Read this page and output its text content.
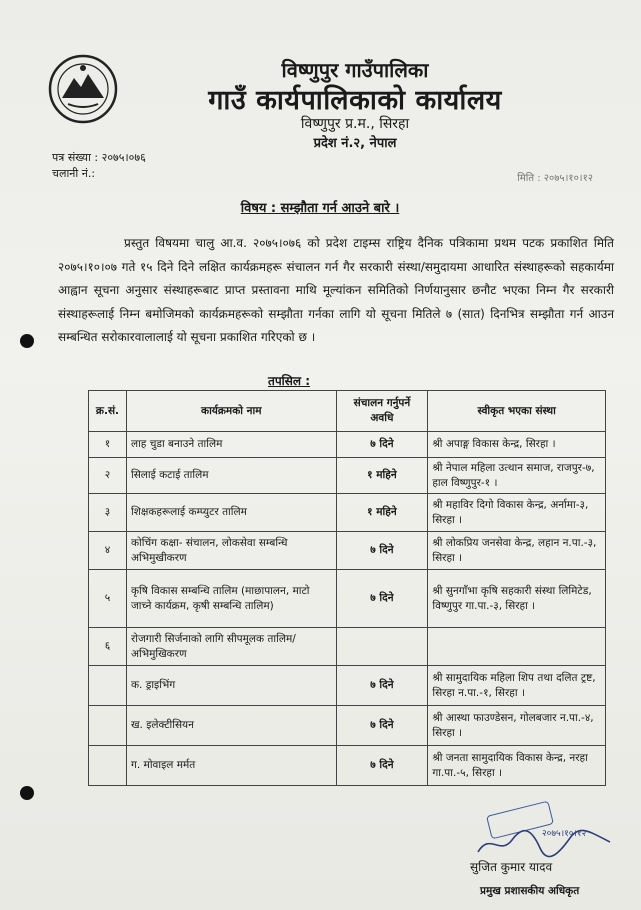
विष्णुपुर गाउँपालिका
गाउँ कार्यपालिकाको कार्यालय
विष्णुपुर प्र.म., सिरहा
प्रदेश नं.२, नेपाल
पत्र संख्या : २०७५।०७६
चलानी नं.:	मिति : २०७५।१०।१२
विषय : सम्झौता गर्न आउने बारे ।
प्रस्तुत विषयमा चालु आ.व. २०७५।०७६ को प्रदेश टाइम्स राष्ट्रिय दैनिक पत्रिकामा प्रथम पटक प्रकाशित मिति २०७५।१०।०७ गते १५ दिने दिने लक्षित कार्यक्रमहरू संचालन गर्न गैर सरकारी संस्था/समुदायमा आधारित संस्थाहरूको सहकार्यमा आह्वान सूचना अनुसार संस्थाहरूबाट प्राप्त प्रस्तावना माथि मूल्यांकन समितिको निर्णयानुसार छनौट भएका निम्न गैर सरकारी संस्थाहरूलाई निम्न बमोजिमको कार्यक्रमहरूको सम्झौता गर्नका लागि यो सूचना मितिले ७ (सात) दिनभित्र सम्झौता गर्न आउन सम्बन्धित सरोकारवालालाई यो सूचना प्रकाशित गरिएको छ ।
तपसिल :
क्र.सं.	कार्यक्रमको नाम	संचालन गर्नुपर्ने अवधि	स्वीकृत भएका संस्था
१	लाह चुडा बनाउने तालिम	७ दिने	श्री अपाङ्ग विकास केन्द्र, सिरहा ।
२	सिलाई कटाई तालिम	१ महिने	श्री नेपाल महिला उत्थान समाज, राजपुर-७, हाल विष्णुपुर-१ ।
३	शिक्षकहरूलाई कम्प्युटर तालिम	१ महिने	श्री महाविर दिगो विकास केन्द्र, अर्नामा-३, सिरहा ।
४	कोचिंग कक्षा- संचालन, लोकसेवा सम्बन्धि अभिमुखीकरण	७ दिने	श्री लोकप्रिय जनसेवा केन्द्र, लहान न.पा.-३, सिरहा ।
५	कृषि विकास सम्बन्धि तालिम (माछापालन, माटो जाच्ने कार्यक्रम, कृषी सम्बन्धि तालिम)	७ दिने	श्री सुनगाँभा कृषि सहकारी संस्था लिमिटेड, विष्णुपुर गा.पा.-३, सिरहा ।
६	रोजगारी सिर्जनाको लागि सीपमूलक तालिम/अभिमुखिकरण		
	क. ड्राइभिंग	७ दिने	श्री सामुदायिक महिला शिप तथा दलित ट्रष्ट, सिरहा न.पा.-१, सिरहा ।
	ख. इलेक्टीसियन	७ दिने	श्री आस्था फाउण्डेसन, गोलबजार न.पा.-४, सिरहा ।
	ग. मोवाइल मर्मत	७ दिने	श्री जनता सामुदायिक विकास केन्द्र, नरहा गा.पा.-५, सिरहा ।
२०७५।१०।१२
सुजित कुमार यादव
प्रमुख प्रशासकीय अधिकृत
